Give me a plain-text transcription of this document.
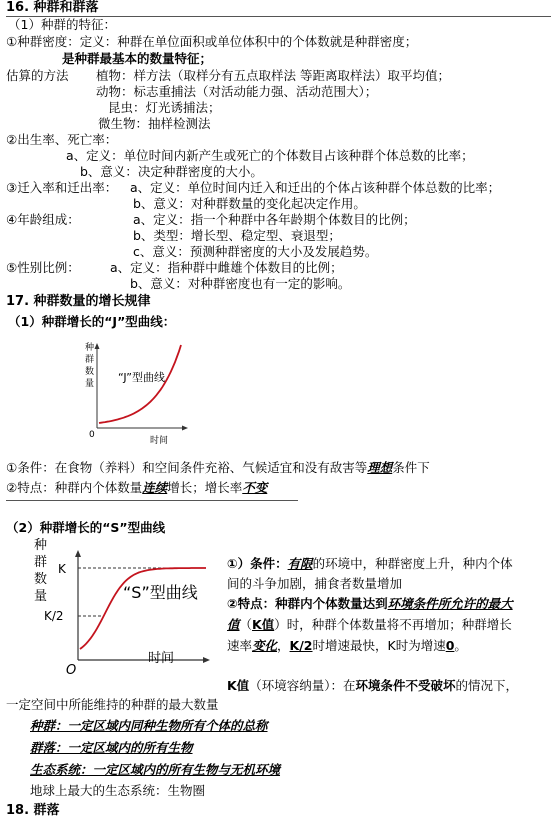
16. 种群和群落
（1）种群的特征：
①种群密度：定义：种群在单位面积或单位体积中的个体数就是种群密度；
是种群最基本的数量特征；
估算的方法 植物：样方法（取样分有五点取样法 等距离取样法）取平均值；
动物：标志重捕法（对活动能力强、活动范围大）；
昆虫：灯光诱捕法；
微生物：抽样检测法
②出生率、死亡率：
a、定义：单位时间内新产生或死亡的个体数目占该种群个体总数的比率；
b、意义：决定种群密度的大小。
③迁入率和迁出率： a、定义：单位时间内迁入和迁出的个体占该种群个体总数的比率；
b、意义：对种群数量的变化起决定作用。
④年龄组成：	a、定义：指一个种群中各年龄期个体数目的比例；
b、类型：增长型、稳定型、衰退型；
c、意义：预测种群密度的大小及发展趋势。
⑤性别比例： a、定义：指种群中雌雄个体数目的比例；
b、意义：对种群密度也有一定的影响。
17. 种群数量的增长规律
（1）种群增长的“J”型曲线：
种
群
数
量
0
时间
“J”型曲线
①条件：在食物（养料）和空间条件充裕、气候适宜和没有敌害等理想条件下
②特点：种群内个体数量连续增长；增长率不变
（2）种群增长的“S”型曲线
种
群
数
量
K
K/2
O
时间
“S”型曲线
①）条件：有限的环境中，种群密度上升，种内个体
间的斗争加剧，捕食者数量增加
②特点：种群内个体数量达到环境条件所允许的最大
值（K值）时，种群个体数量将不再增加；种群增长
速率变化，K/2时增速最快，K时为增速0。
K值（环境容纳量）：在环境条件不受破坏的情况下，
一定空间中所能维持的种群的最大数量
种群：一定区域内同种生物所有个体的总称
群落：一定区域内的所有生物
生态系统：一定区域内的所有生物与无机环境
地球上最大的生态系统：生物圈
18. 群落
